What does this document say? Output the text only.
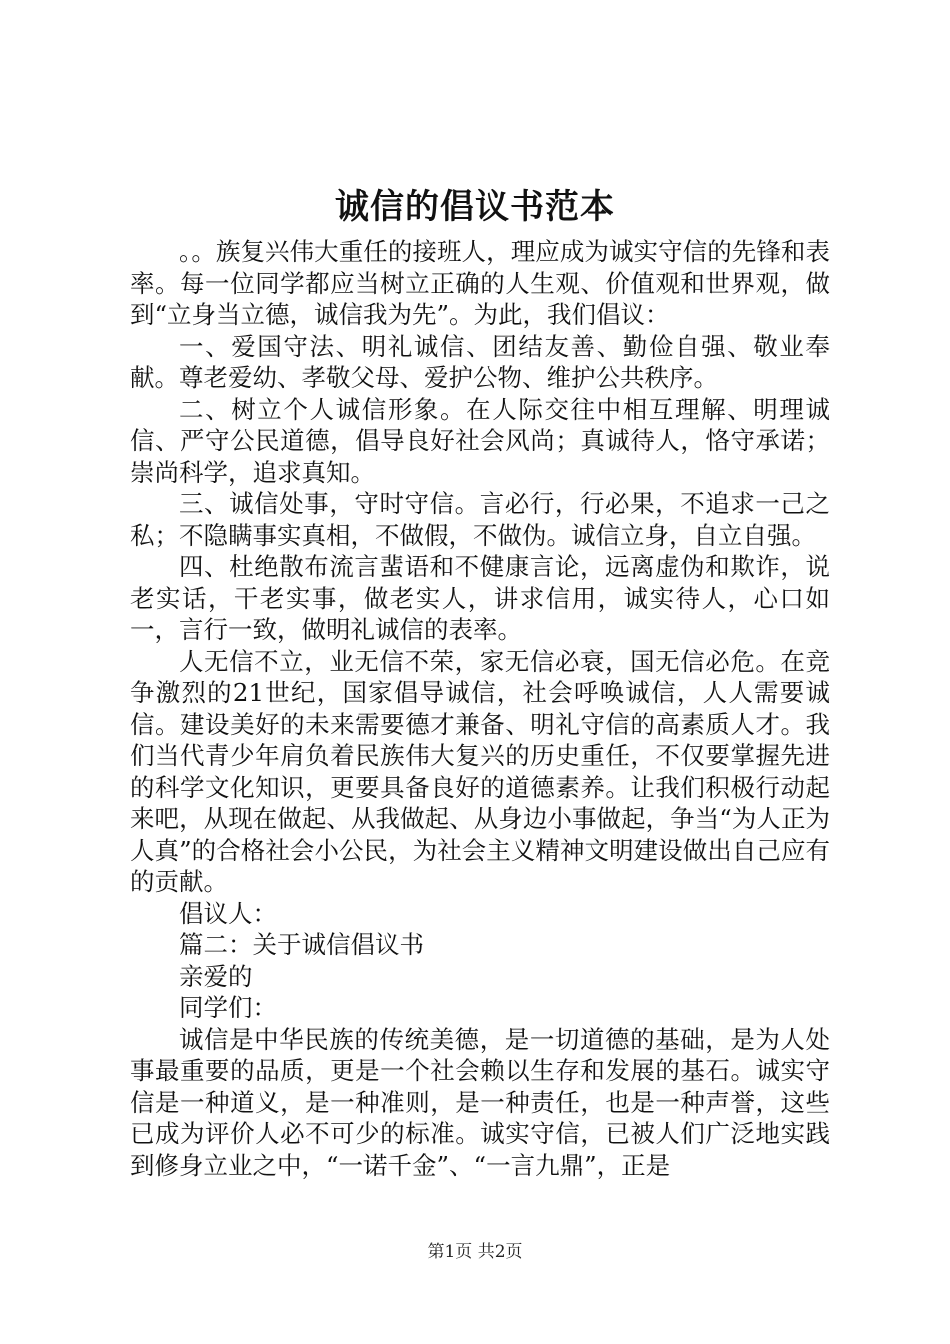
诚信的倡议书范本

。。族复兴伟大重任的接班人，理应成为诚实守信的先锋和表率。每一位同学都应当树立正确的人生观、价值观和世界观，做到“立身当立德，诚信我为先”。为此，我们倡议：

一、爱国守法、明礼诚信、团结友善、勤俭自强、敬业奉献。尊老爱幼、孝敬父母、爱护公物、维护公共秩序。

二、树立个人诚信形象。在人际交往中相互理解、明理诚信、严守公民道德，倡导良好社会风尚；真诚待人，恪守承诺；崇尚科学，追求真知。

三、诚信处事，守时守信。言必行，行必果，不追求一己之私；不隐瞒事实真相，不做假，不做伪。诚信立身，自立自强。

四、杜绝散布流言蜚语和不健康言论，远离虚伪和欺诈，说老实话，干老实事，做老实人，讲求信用，诚实待人，心口如一，言行一致，做明礼诚信的表率。

人无信不立，业无信不荣，家无信必衰，国无信必危。在竞争激烈的21世纪，国家倡导诚信，社会呼唤诚信，人人需要诚信。建设美好的未来需要德才兼备、明礼守信的高素质人才。我们当代青少年肩负着民族伟大复兴的历史重任，不仅要掌握先进的科学文化知识，更要具备良好的道德素养。让我们积极行动起来吧，从现在做起、从我做起、从身边小事做起，争当“为人正为人真”的合格社会小公民，为社会主义精神文明建设做出自己应有的贡献。

倡议人：

篇二：关于诚信倡议书

亲爱的

同学们：

诚信是中华民族的传统美德，是一切道德的基础，是为人处事最重要的品质，更是一个社会赖以生存和发展的基石。诚实守信是一种道义，是一种准则，是一种责任，也是一种声誉，这些已成为评价人必不可少的标准。诚实守信，已被人们广泛地实践到修身立业之中，“一诺千金”、“一言九鼎”，正是

第1页 共2页
